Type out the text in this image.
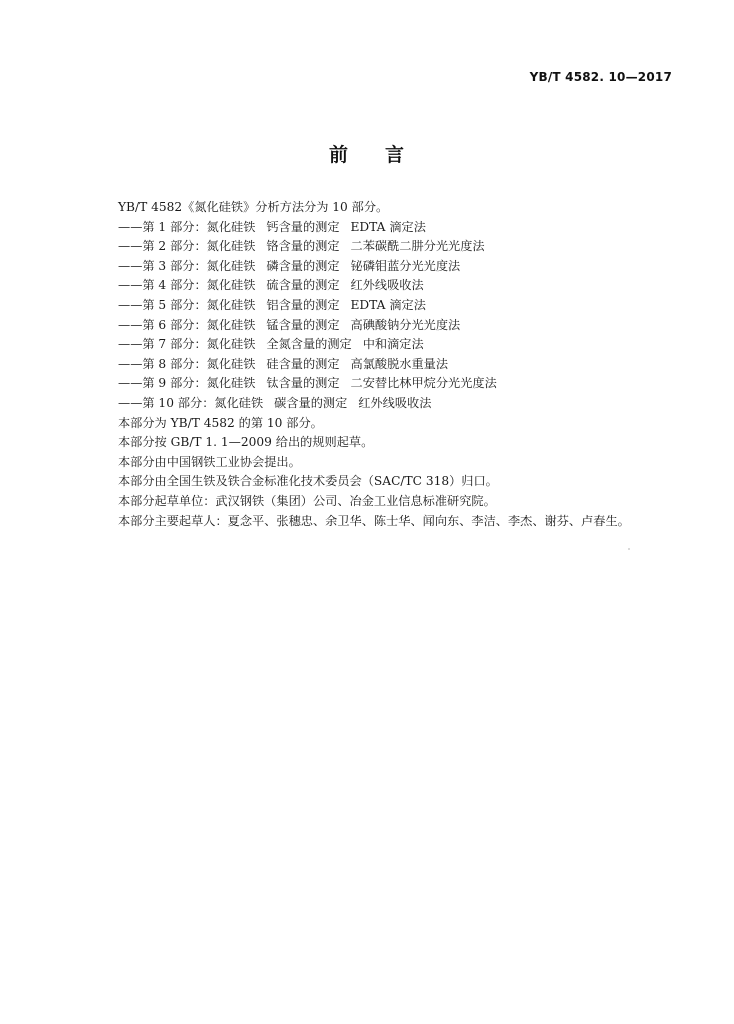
YB/T 4582. 10—2017
前 言
YB/T 4582《氮化硅铁》分析方法分为 10 部分。
——第 1 部分：氮化硅铁 钙含量的测定 EDTA 滴定法
——第 2 部分：氮化硅铁 铬含量的测定 二苯碳酰二肼分光光度法
——第 3 部分：氮化硅铁 磷含量的测定 铋磷钼蓝分光光度法
——第 4 部分：氮化硅铁 硫含量的测定 红外线吸收法
——第 5 部分：氮化硅铁 铝含量的测定 EDTA 滴定法
——第 6 部分：氮化硅铁 锰含量的测定 高碘酸钠分光光度法
——第 7 部分：氮化硅铁 全氮含量的测定 中和滴定法
——第 8 部分：氮化硅铁 硅含量的测定 高氯酸脱水重量法
——第 9 部分：氮化硅铁 钛含量的测定 二安替比林甲烷分光光度法
——第 10 部分：氮化硅铁 碳含量的测定 红外线吸收法
本部分为 YB/T 4582 的第 10 部分。
本部分按 GB/T 1. 1—2009 给出的规则起草。
本部分由中国钢铁工业协会提出。
本部分由全国生铁及铁合金标准化技术委员会（SAC/TC 318）归口。
本部分起草单位：武汉钢铁（集团）公司、冶金工业信息标准研究院。
本部分主要起草人：夏念平、张穗忠、余卫华、陈士华、闻向东、李洁、李杰、谢芬、卢春生。
